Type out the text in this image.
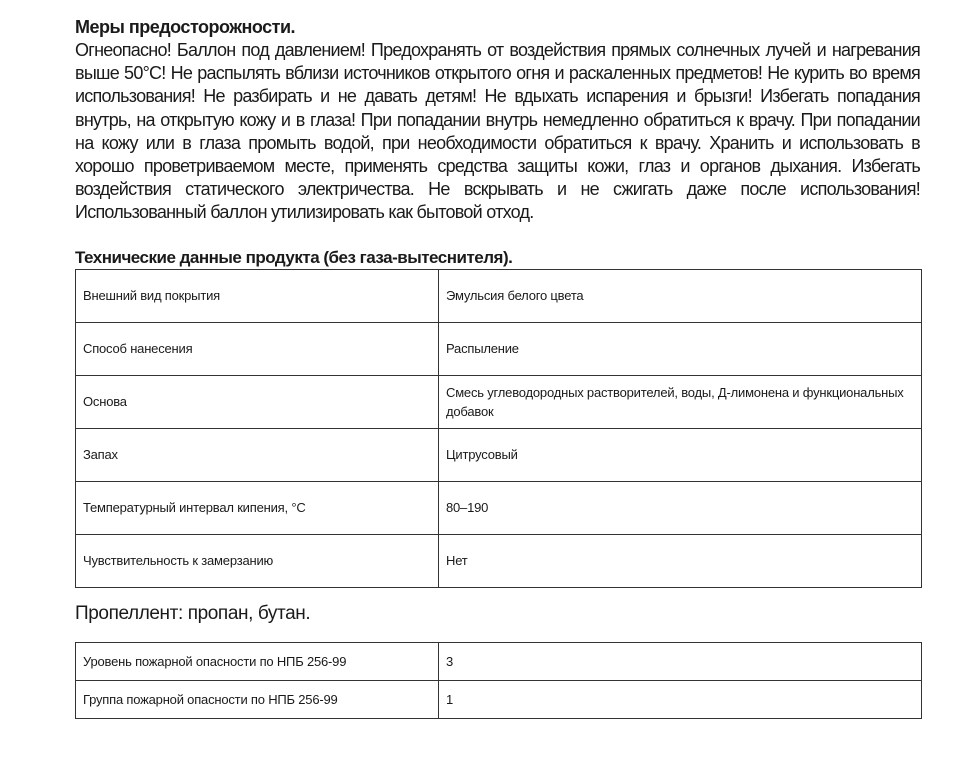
Меры предосторожности.

Огнеопасно! Баллон под давлением! Предохранять от воздействия прямых солнечных лучей и нагревания выше 50°С! Не распылять вблизи источников открытого огня и раскаленных предметов! Не курить во время использования! Не разбирать и не давать детям! Не вдыхать испарения и брызги! Избегать попадания внутрь, на открытую кожу и в глаза! При попадании внутрь немедленно обратиться к врачу. При попадании на кожу или в глаза промыть водой, при необходимости обратиться к врачу. Хранить и использовать в хорошо проветриваемом месте, применять средства защиты кожи, глаз и органов дыхания. Избегать воздействия статического электричества. Не вскрывать и не сжигать даже после использования! Использованный баллон утилизировать как бытовой отход.

Технические данные продукта (без газа-вытеснителя).
Внешний вид покрытия	Эмульсия белого цвета
Способ нанесения	Распыление
Основа	Смесь углеводородных растворителей, воды, Д-лимонена и функциональных добавок
Запах	Цитрусовый
Температурный интервал кипения, °С	80–190
Чувствительность к замерзанию	Нет
Пропеллент: пропан, бутан.
Уровень пожарной опасности по НПБ 256-99	3
Группа пожарной опасности по НПБ 256-99	1
